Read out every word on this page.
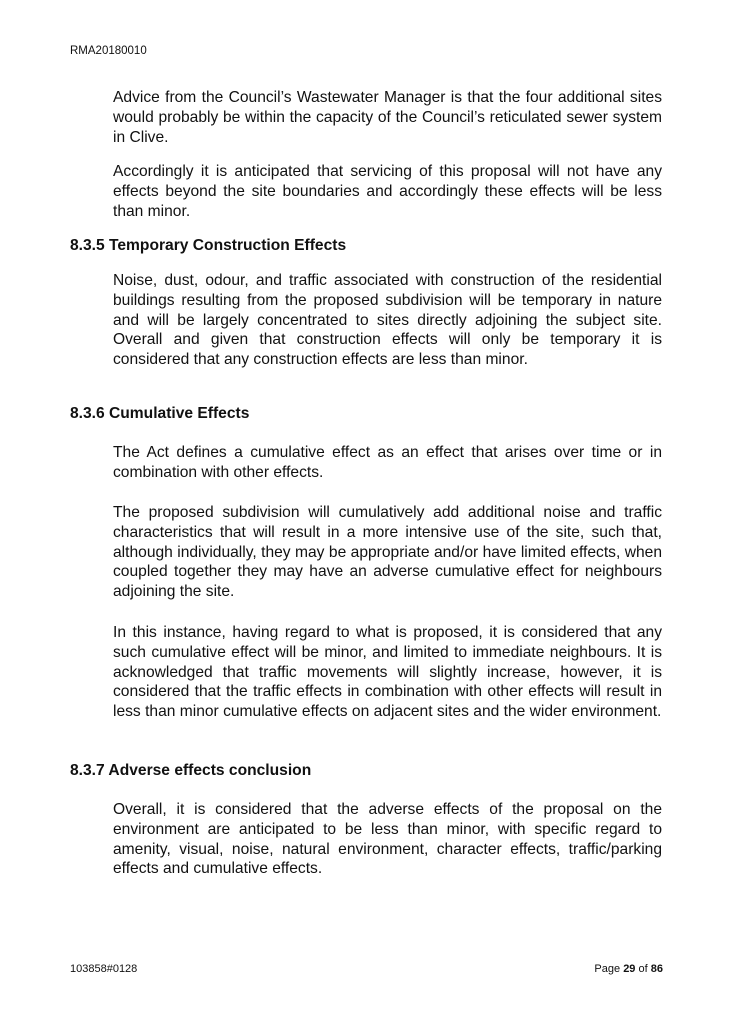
RMA20180010

Advice from the Council’s Wastewater Manager is that the four additional sites would probably be within the capacity of the Council’s reticulated sewer system in Clive.

Accordingly it is anticipated that servicing of this proposal will not have any effects beyond the site boundaries and accordingly these effects will be less than minor.

8.3.5 Temporary Construction Effects

Noise, dust, odour, and traffic associated with construction of the residential buildings resulting from the proposed subdivision will be temporary in nature and will be largely concentrated to sites directly adjoining the subject site. Overall and given that construction effects will only be temporary it is considered that any construction effects are less than minor.

8.3.6 Cumulative Effects

The Act defines a cumulative effect as an effect that arises over time or in combination with other effects.

The proposed subdivision will cumulatively add additional noise and traffic characteristics that will result in a more intensive use of the site, such that, although individually, they may be appropriate and/or have limited effects, when coupled together they may have an adverse cumulative effect for neighbours adjoining the site.

In this instance, having regard to what is proposed, it is considered that any such cumulative effect will be minor, and limited to immediate neighbours. It is acknowledged that traffic movements will slightly increase, however, it is considered that the traffic effects in combination with other effects will result in less than minor cumulative effects on adjacent sites and the wider environment.

8.3.7 Adverse effects conclusion

Overall, it is considered that the adverse effects of the proposal on the environment are anticipated to be less than minor, with specific regard to amenity, visual, noise, natural environment, character effects, traffic/parking effects and cumulative effects.

103858#0128	Page 29 of 86
